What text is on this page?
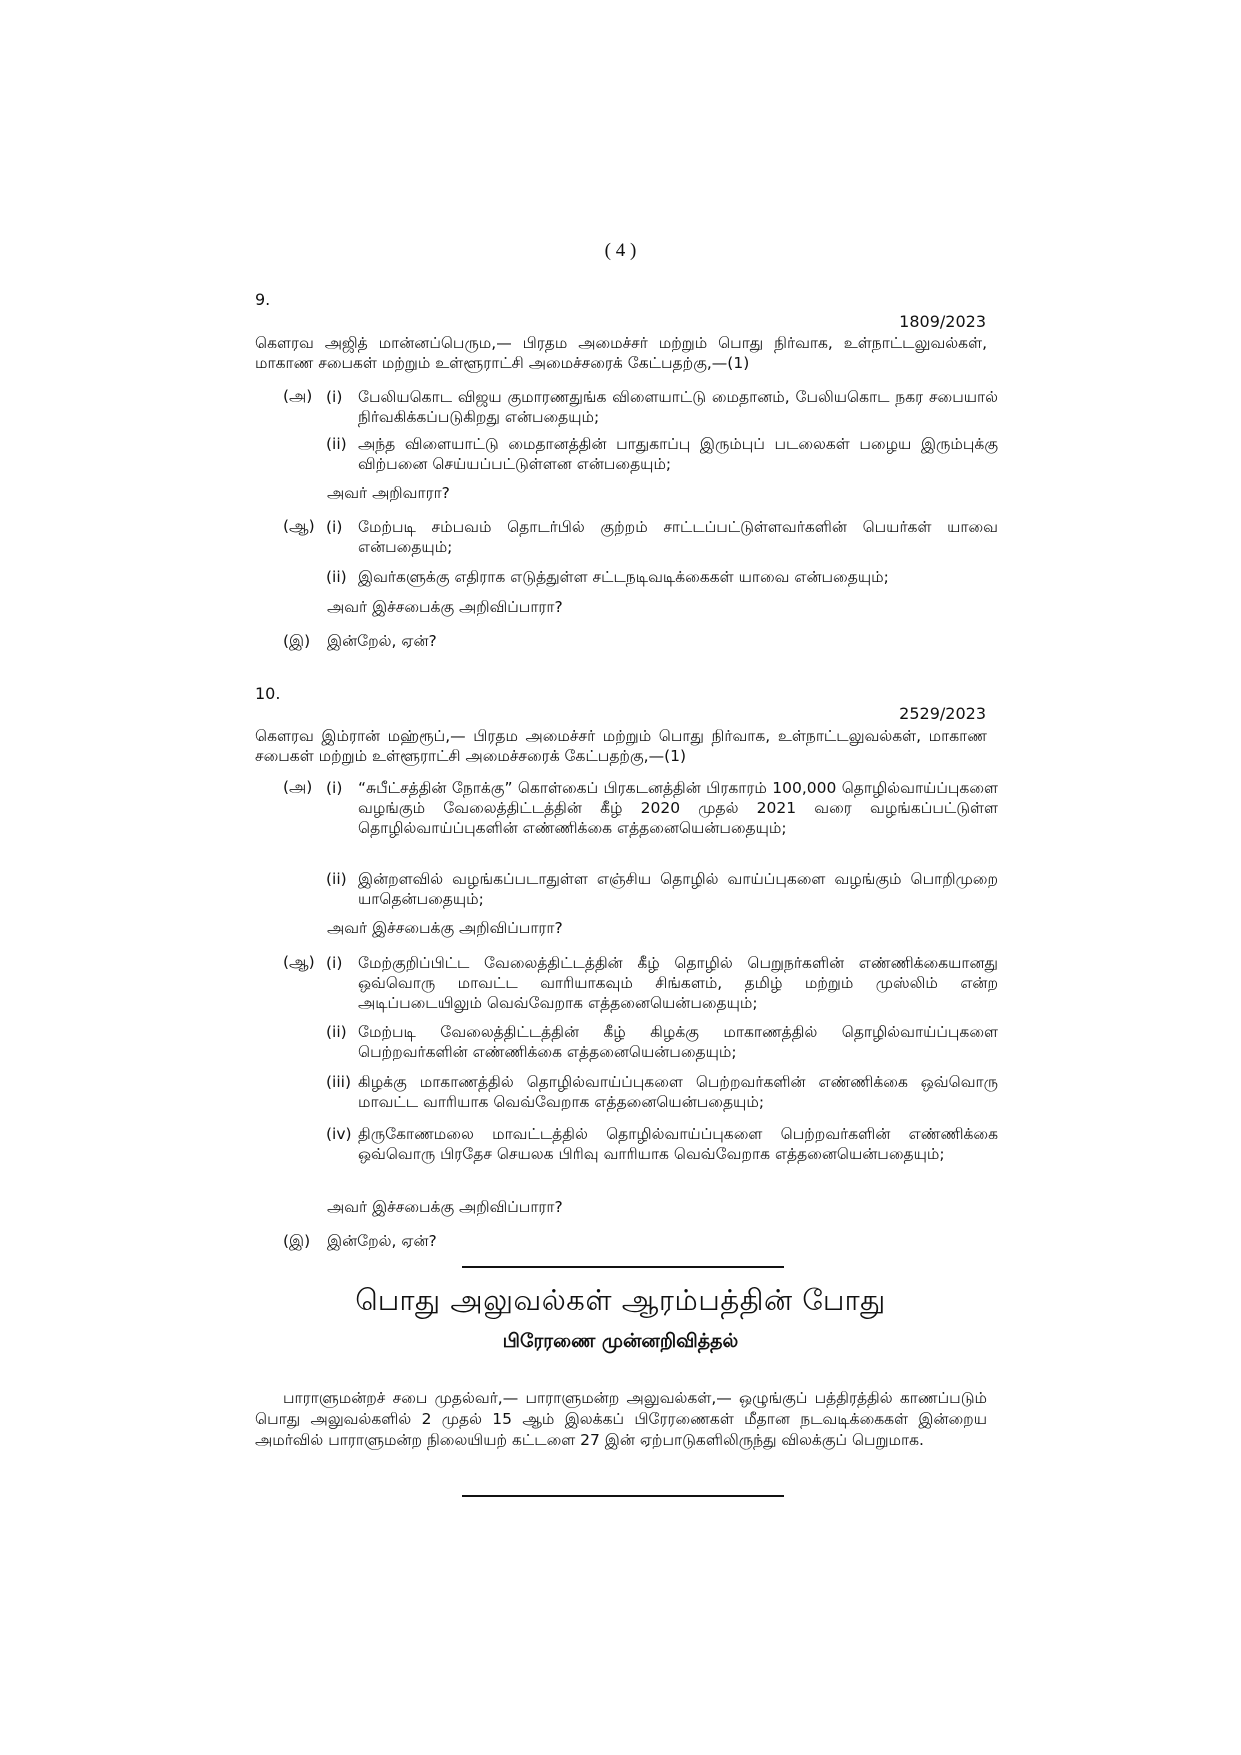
( 4 )
9.
1809/2023
கௌரவ அஜித் மான்னப்பெரும,— பிரதம அமைச்சர் மற்றும் பொது நிர்வாக, உள்நாட்டலுவல்கள், மாகாண சபைகள் மற்றும் உள்ளூராட்சி அமைச்சரைக் கேட்பதற்கு,—(1)
(அ) (i) பேலியகொட விஜய குமாரணதுங்க விளையாட்டு மைதானம், பேலியகொட நகர சபையால் நிர்வகிக்கப்படுகிறது என்பதையும்;
(ii) அந்த விளையாட்டு மைதானத்தின் பாதுகாப்பு இரும்புப் படலைகள் பழைய இரும்புக்கு விற்பனை செய்யப்பட்டுள்ளன என்பதையும்;
அவர் அறிவாரா?
(ஆ) (i) மேற்படி சம்பவம் தொடர்பில் குற்றம் சாட்டப்பட்டுள்ளவர்களின் பெயர்கள் யாவை என்பதையும்;
(ii) இவர்களுக்கு எதிராக எடுத்துள்ள சட்டநடிவடிக்கைகள் யாவை என்பதையும்;
அவர் இச்சபைக்கு அறிவிப்பாரா?
(இ) இன்றேல், ஏன்?
10.
2529/2023
கௌரவ இம்ரான் மஹ்ரூப்,— பிரதம அமைச்சர் மற்றும் பொது நிர்வாக, உள்நாட்டலுவல்கள், மாகாண சபைகள் மற்றும் உள்ளூராட்சி அமைச்சரைக் கேட்பதற்கு,—(1)
(அ) (i) “சுபீட்சத்தின் நோக்கு” கொள்கைப் பிரகடனத்தின் பிரகாரம் 100,000 தொழில்வாய்ப்புகளை வழங்கும் வேலைத்திட்டத்தின் கீழ் 2020 முதல் 2021 வரை வழங்கப்பட்டுள்ள தொழில்வாய்ப்புகளின் எண்ணிக்கை எத்தனையென்பதையும்;
(ii) இன்றளவில் வழங்கப்படாதுள்ள எஞ்சிய தொழில் வாய்ப்புகளை வழங்கும் பொறிமுறை யாதென்பதையும்;
அவர் இச்சபைக்கு அறிவிப்பாரா?
(ஆ) (i) மேற்குறிப்பிட்ட வேலைத்திட்டத்தின் கீழ் தொழில் பெறுநர்களின் எண்ணிக்கையானது ஒவ்வொரு மாவட்ட வாரியாகவும் சிங்களம், தமிழ் மற்றும் முஸ்லிம் என்ற அடிப்படையிலும் வெவ்வேறாக எத்தனையென்பதையும்;
(ii) மேற்படி வேலைத்திட்டத்தின் கீழ் கிழக்கு மாகாணத்தில் தொழில்வாய்ப்புகளை பெற்றவர்களின் எண்ணிக்கை எத்தனையென்பதையும்;
(iii) கிழக்கு மாகாணத்தில் தொழில்வாய்ப்புகளை பெற்றவர்களின் எண்ணிக்கை ஒவ்வொரு மாவட்ட வாரியாக வெவ்வேறாக எத்தனையென்பதையும்;
(iv) திருகோணமலை மாவட்டத்தில் தொழில்வாய்ப்புகளை பெற்றவர்களின் எண்ணிக்கை ஒவ்வொரு பிரதேச செயலக பிரிவு வாரியாக வெவ்வேறாக எத்தனையென்பதையும்;
அவர் இச்சபைக்கு அறிவிப்பாரா?
(இ) இன்றேல், ஏன்?
பொது அலுவல்கள் ஆரம்பத்தின் போது
பிரேரணை முன்னறிவித்தல்
பாராளுமன்றச் சபை முதல்வர்,— பாராளுமன்ற அலுவல்கள்,— ஒழுங்குப் பத்திரத்தில் காணப்படும் பொது அலுவல்களில் 2 முதல் 15 ஆம் இலக்கப் பிரேரணைகள் மீதான நடவடிக்கைகள் இன்றைய அமர்வில் பாராளுமன்ற நிலையியற் கட்டளை 27 இன் ஏற்பாடுகளிலிருந்து விலக்குப் பெறுமாக.
